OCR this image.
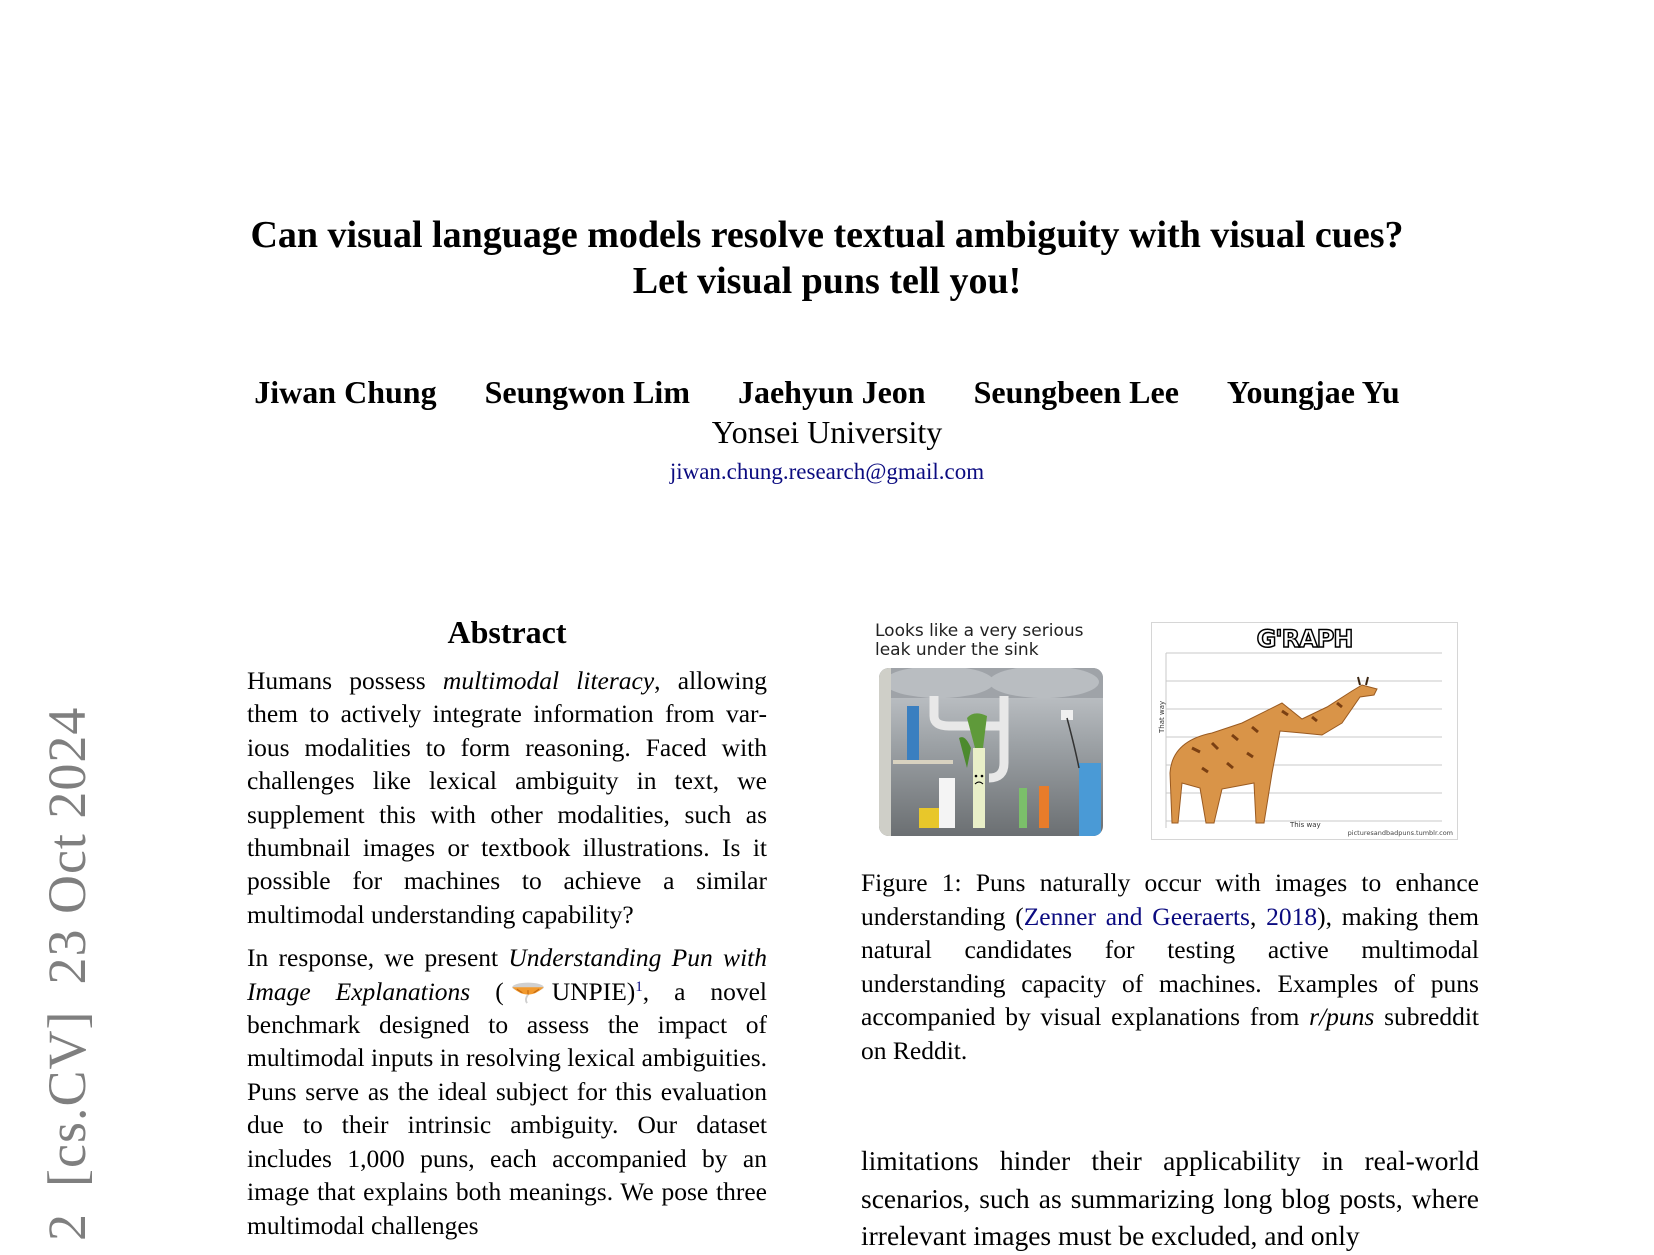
2[cs.CV]23 Oct 2024
Can visual language models resolve textual ambiguity with visual cues?
Let visual puns tell you!
Jiwan Chung Seungwon Lim Jaehyun Jeon Seungbeen Lee Youngjae Yu
Yonsei University
jiwan.chung.research@gmail.com
Abstract

Humans possess multimodal literacy, allowing them to actively integrate information from various modalities to form reasoning. Faced with challenges like lexical ambiguity in text, we supplement this with other modalities, such as thumbnail images or textbook illustrations. Is it possible for machines to achieve a similar multimodal understanding capability?

In response, we present Understanding Pun with Image Explanations ( UNPIE)$^1$, a novel benchmark designed to assess the impact of multimodal inputs in resolving lexical ambiguities. Puns serve as the ideal subject for this evaluation due to their intrinsic ambiguity. Our dataset includes 1,000 puns, each accompanied by an image that explains both meanings. We pose three multimodal challenges

Looks like a very serious leak under the sink	G'RAPH
That way
This way
picturesandbadpuns.tumblr.com
Figure 1: Puns naturally occur with images to enhance understanding (Zenner and Geeraerts, 2018), making them natural candidates for testing active multimodal understanding capacity of machines. Examples of puns accompanied by visual explanations from r/puns subreddit on Reddit.
limitations hinder their applicability in real-world scenarios, such as summarizing long blog posts, where irrelevant images must be excluded, and only
